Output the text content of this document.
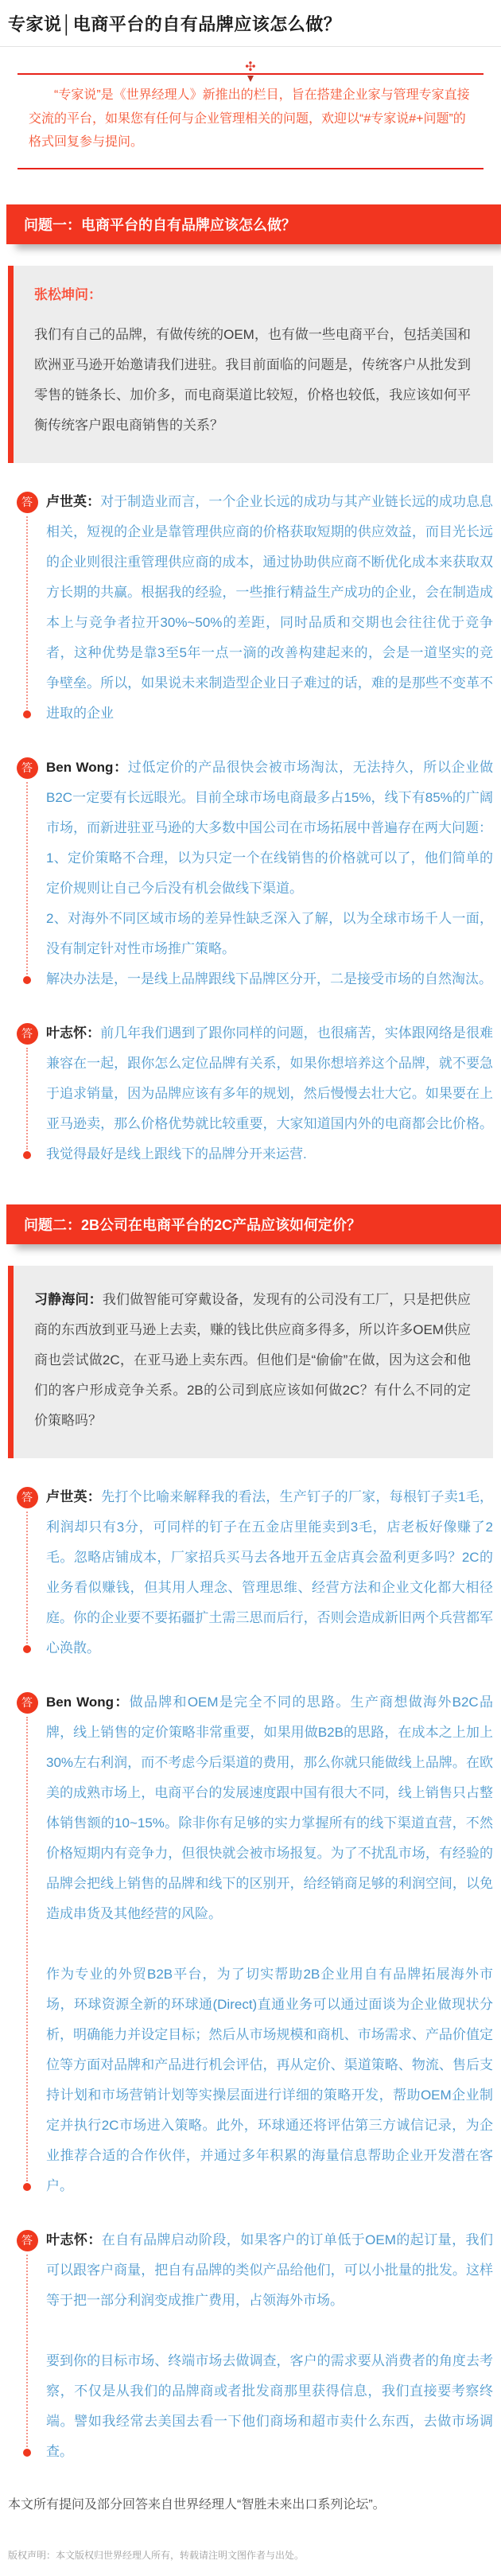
专家说│电商平台的自有品牌应该怎么做？
✣

“专家说”是《世界经理人》新推出的栏目，旨在搭建企业家与管理专家直接交流的平台，如果您有任何与企业管理相关的问题，欢迎以“#专家说#+问题”的格式回复参与提问。

问题一：电商平台的自有品牌应该怎么做？

张松坤问：

我们有自己的品牌，有做传统的OEM，也有做一些电商平台，包括美国和欧洲亚马逊开始邀请我们进驻。我目前面临的问题是，传统客户从批发到零售的链条长、加价多，而电商渠道比较短，价格也较低，我应该如何平衡传统客户跟电商销售的关系？

答	卢世英：对于制造业而言，一个企业长远的成功与其产业链长远的成功息息相关，短视的企业是靠管理供应商的价格获取短期的供应效益，而目光长远的企业则很注重管理供应商的成本，通过协助供应商不断优化成本来获取双方长期的共赢。根据我的经验，一些推行精益生产成功的企业，会在制造成本上与竞争者拉开30%~50%的差距，同时品质和交期也会往往优于竞争者，这种优势是靠3至5年一点一滴的改善构建起来的，会是一道坚实的竞争壁垒。所以，如果说未来制造型企业日子难过的话，难的是那些不变革不进取的企业

答	Ben Wong：过低定价的产品很快会被市场淘汰，无法持久，所以企业做B2C一定要有长远眼光。目前全球市场电商最多占15%，线下有85%的广阔市场，而新进驻亚马逊的大多数中国公司在市场拓展中普遍存在两大问题：

1、定价策略不合理，以为只定一个在线销售的价格就可以了，他们简单的定价规则让自己今后没有机会做线下渠道。

2、对海外不同区域市场的差异性缺乏深入了解，以为全球市场千人一面，没有制定针对性市场推广策略。

解决办法是，一是线上品牌跟线下品牌区分开，二是接受市场的自然淘汰。

答	叶志怀：前几年我们遇到了跟你同样的问题，也很痛苦，实体跟网络是很难兼容在一起，跟你怎么定位品牌有关系，如果你想培养这个品牌，就不要急于追求销量，因为品牌应该有多年的规划，然后慢慢去壮大它。如果要在上亚马逊卖，那么价格优势就比较重要，大家知道国内外的电商都会比价格。我觉得最好是线上跟线下的品牌分开来运营.

问题二：2B公司在电商平台的2C产品应该如何定价？

习静海问：我们做智能可穿戴设备，发现有的公司没有工厂，只是把供应商的东西放到亚马逊上去卖，赚的钱比供应商多得多，所以许多OEM供应商也尝试做2C，在亚马逊上卖东西。但他们是“偷偷”在做，因为这会和他们的客户形成竞争关系。2B的公司到底应该如何做2C？有什么不同的定价策略吗？

答	卢世英：先打个比喻来解释我的看法，生产钉子的厂家，每根钉子卖1毛，利润却只有3分，可同样的钉子在五金店里能卖到3毛，店老板好像赚了2毛。忽略店铺成本，厂家招兵买马去各地开五金店真会盈利更多吗？2C的业务看似赚钱，但其用人理念、管理思维、经营方法和企业文化都大相径庭。你的企业要不要拓疆扩土需三思而后行，否则会造成新旧两个兵营都军心涣散。

答	Ben Wong：做品牌和OEM是完全不同的思路。生产商想做海外B2C品牌，线上销售的定价策略非常重要，如果用做B2B的思路，在成本之上加上30%左右利润，而不考虑今后渠道的费用，那么你就只能做线上品牌。在欧美的成熟市场上，电商平台的发展速度跟中国有很大不同，线上销售只占整体销售额的10~15%。除非你有足够的实力掌握所有的线下渠道直营，不然价格短期内有竞争力，但很快就会被市场报复。为了不扰乱市场，有经验的品牌会把线上销售的品牌和线下的区别开，给经销商足够的利润空间，以免造成串货及其他经营的风险。

作为专业的外贸B2B平台，为了切实帮助2B企业用自有品牌拓展海外市场，环球资源全新的环球通(Direct)直通业务可以通过面谈为企业做现状分析，明确能力并设定目标；然后从市场规模和商机、市场需求、产品价值定位等方面对品牌和产品进行机会评估，再从定价、渠道策略、物流、售后支持计划和市场营销计划等实操层面进行详细的策略开发，帮助OEM企业制定并执行2C市场进入策略。此外，环球通还将评估第三方诚信记录，为企业推荐合适的合作伙伴，并通过多年积累的海量信息帮助企业开发潜在客户。

答	叶志怀：在自有品牌启动阶段，如果客户的订单低于OEM的起订量，我们可以跟客户商量，把自有品牌的类似产品给他们，可以小批量的批发。这样等于把一部分利润变成推广费用，占领海外市场。

要到你的目标市场、终端市场去做调查，客户的需求要从消费者的角度去考察，不仅是从我们的品牌商或者批发商那里获得信息，我们直接要考察终端。譬如我经常去美国去看一下他们商场和超市卖什么东西，去做市场调查。

本文所有提问及部分回答来自世界经理人“智胜未来出口系列论坛”。

版权声明：本文版权归世界经理人所有，转载请注明文图作者与出处。
